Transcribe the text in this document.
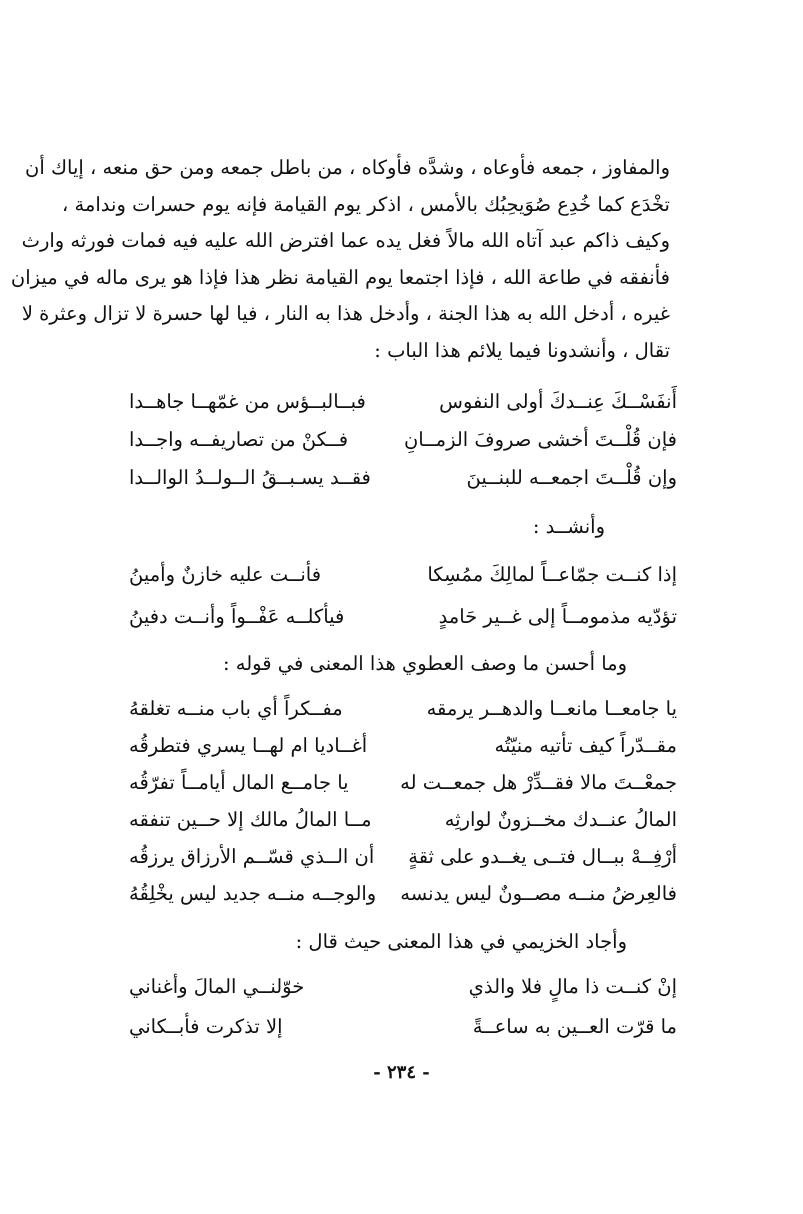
والمفاوز ، جمعه فأوعاه ، وشدَّه فأوكاه ، من باطل جمعه ومن حق منعه ، إياك أن

تخْدَع كما خُدِع صُوَيحِبُك بالأمس ، اذكر يوم القيامة فإنه يوم حسرات وندامة ،

وكيف ذاكم عبد آتاه الله مالاً فغل يده عما افترض الله عليه فيه فمات فورثه وارث

فأنفقه في طاعة الله ، فإذا اجتمعا يوم القيامة نظر هذا فإذا هو يرى ماله في ميزان

غيره ، أدخل الله به هذا الجنة ، وأدخل هذا به النار ، فيا لها حسرة لا تزال وعثرة لا

تقال ، وأنشدونا فيما يلائم هذا الباب :

أَنفَسْــكَ عِنــدكَ أولى النفوس
فبــالبــؤس من غمّهــا جاهــدا
فإن قُلْــتَ أخشى صروفَ الزمــانِ
فــكنْ من تصاريفــه واجــدا
وإن قُلْــتَ اجمعــه للبنــينَ
فقــد يسـبــقُ الــولــدُ الوالــدا
وأنشــد :
إذا كنــت جمّاعــاً لمالِكَ ممُسِكا
فأنــت عليه خازنٌ وأمينُ
تؤدّيه مذمومــاً إلى غــير حَامدٍ
فيأكلــه عَفْــواً وأنــت دفينُ
وما أحسن ما وصف العطوي هذا المعنى في قوله :
يا جامعــا مانعــا والدهــر يرمقه
مفــكراً أي باب منــه تغلقهُ
مقــدّراً كيف تأتيه منيّتُه
أغــاديا ام لهــا يسري فتطرقُه
جمعْــتَ مالا فقــدِّرْ هل جمعــت له
يا جامــع المال أيامــاً تفرّقُه
المالُ عنــدك مخــزونٌ لوارثِه
مــا المالُ مالك إلا حــين تنفقه
أرْفِــهْ ببــال فتــى يغــدو على ثقةٍ
أن الــذي قسّــم الأرزاق يرزقُه
فالعِرضُ منــه مصــونٌ ليس يدنسه
والوجــه منــه جديد ليس يخْلِقُهُ
وأجاد الخزيمي في هذا المعنى حيث قال :
إنْ كنــت ذا مالٍ فلا والذي
خوّلنــي المالَ وأغناني
ما قرّت العــين به ساعــةً
إلا تذكرت فأبــكاني
- ٢٣٤ -
